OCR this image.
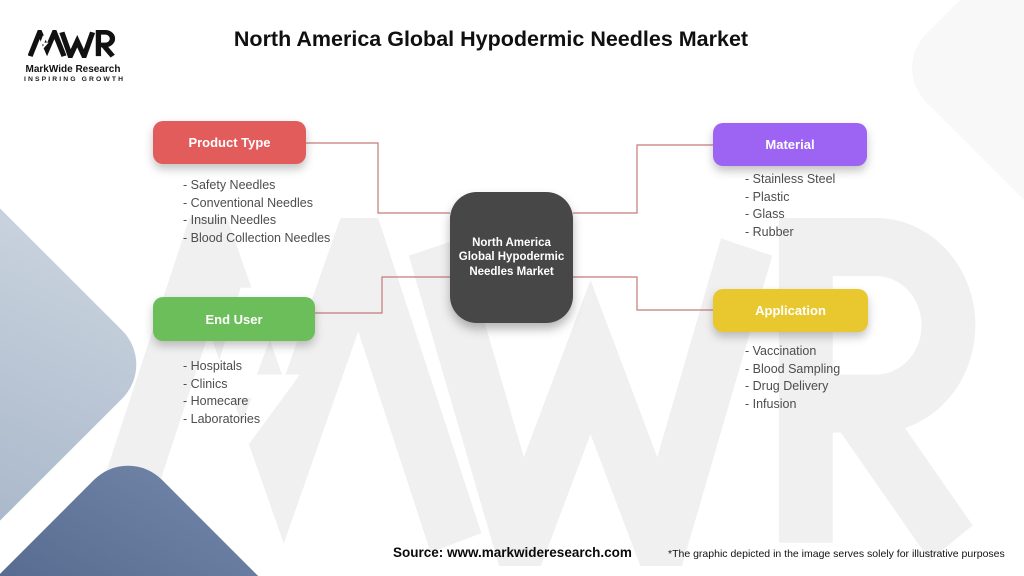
MarkWide Research
INSPIRING GROWTH
North America Global Hypodermic Needles Market
North America
Global Hypodermic
Needles Market
Product Type
- Safety Needles
- Conventional Needles
- Insulin Needles
- Blood Collection Needles
Material
- Stainless Steel
- Plastic
- Glass
- Rubber
End User
- Hospitals
- Clinics
- Homecare
- Laboratories
Application
- Vaccination
- Blood Sampling
- Drug Delivery
- Infusion
Source: www.markwideresearch.com	*The graphic depicted in the image serves solely for illustrative purposes
